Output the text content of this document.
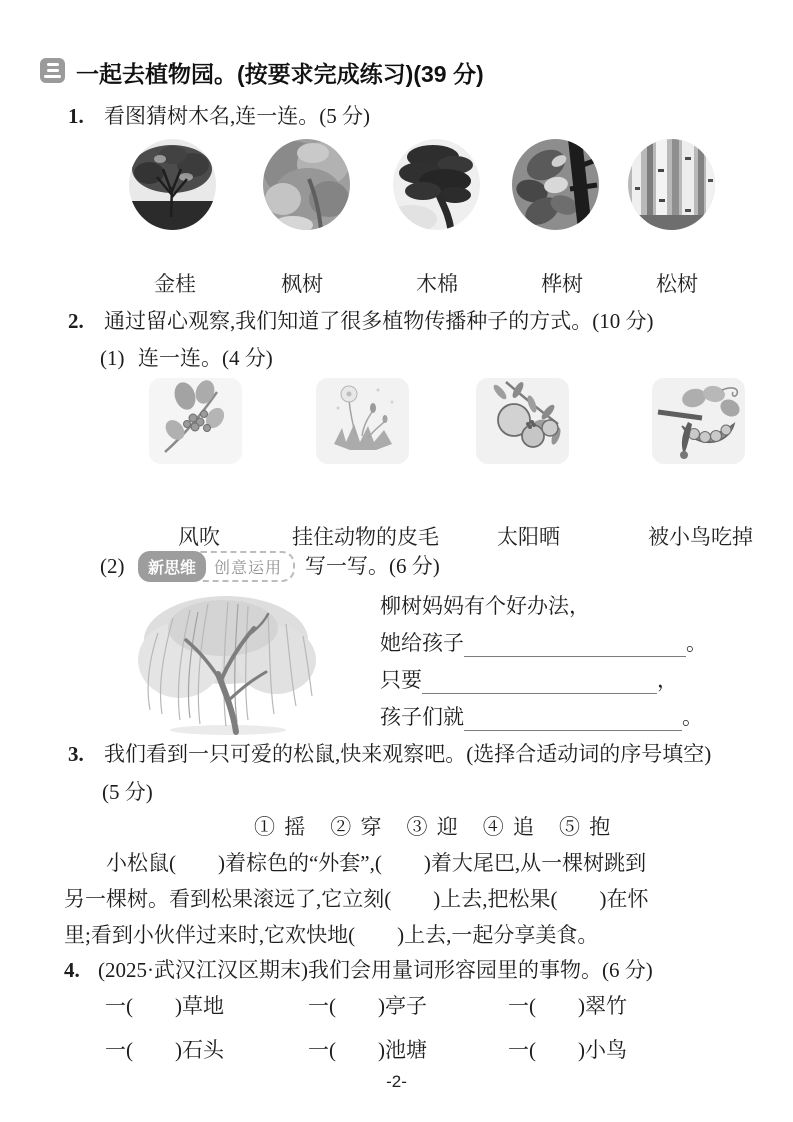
一起去植物园。(按要求完成练习)(39 分)
1. 看图猜树木名,连一连。(5 分)
金桂	枫树	木棉	桦树	松树
2. 通过留心观察,我们知道了很多植物传播种子的方式。(10 分)
(1) 连一连。(4 分)
风吹	挂住动物的皮毛	太阳晒	被小鸟吃掉
(2)	新思维	创意运用	写一写。(6 分)
柳树妈妈有个好办法，
她给孩子	。
只要	，
孩子们就	。
3. 我们看到一只可爱的松鼠,快来观察吧。(选择合适动词的序号填空)
(5 分)
① 摇　② 穿　③ 迎　④ 追　⑤ 抱
小松鼠(　　)着棕色的“外套”,(　　)着大尾巴,从一棵树跳到
另一棵树。看到松果滚远了,它立刻(　　)上去,把松果(　　)在怀
里;看到小伙伴过来时,它欢快地(　　)上去,一起分享美食。
4. (2025·武汉江汉区期末)我们会用量词形容园里的事物。(6 分)
一(　　)草地	一(　　)亭子	一(　　)翠竹
一(　　)石头	一(　　)池塘	一(　　)小鸟
-2-
